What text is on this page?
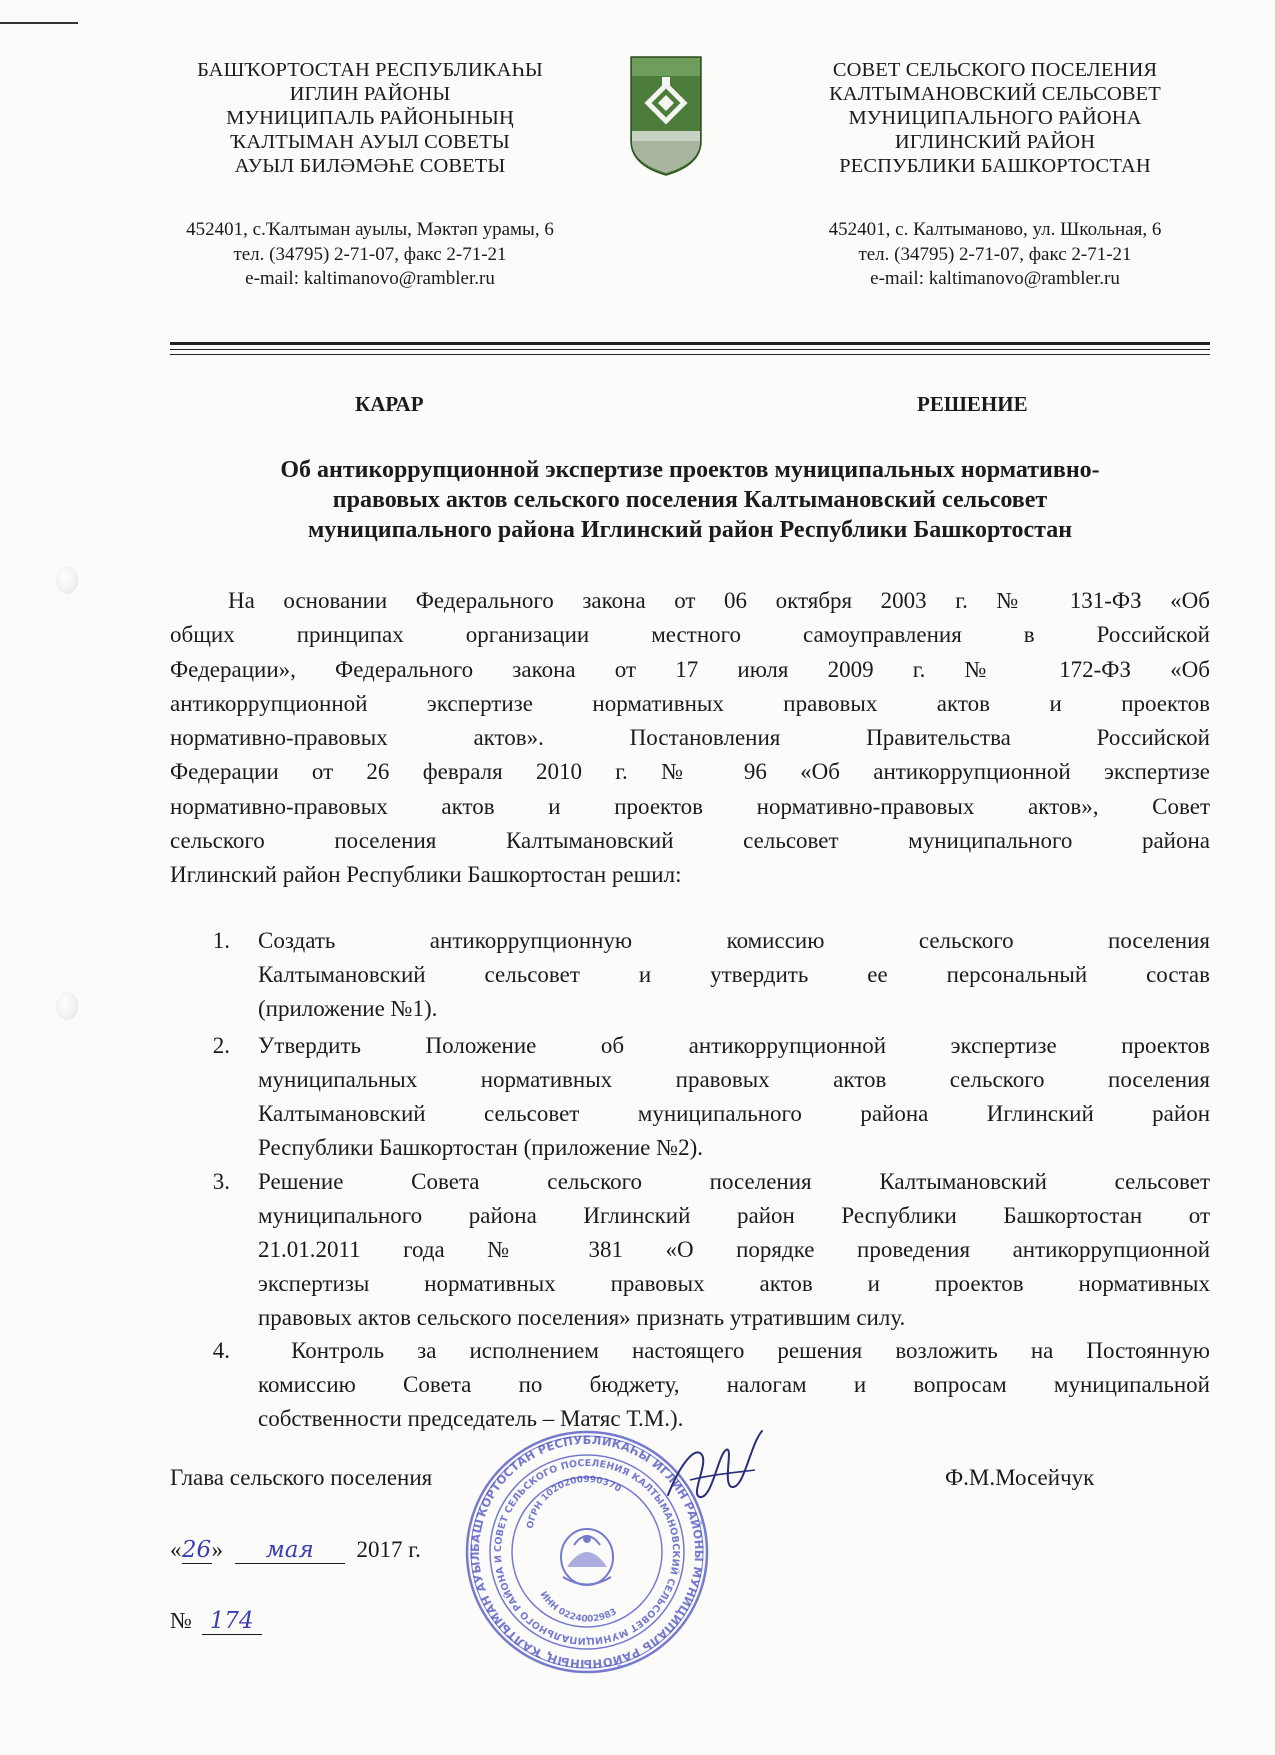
БАШҠОРТОСТАН РЕСПУБЛИКАҺЫ
ИГЛИН РАЙОНЫ
МУНИЦИПАЛЬ РАЙОНЫНЫҢ
ҠАЛТЫМАН АУЫЛ СОВЕТЫ
АУЫЛ БИЛӘМӘҺЕ СОВЕТЫ
452401, с.Ҡалтыман ауылы, Мәктәп урамы, 6
тел. (34795) 2-71-07, факс 2-71-21
e-mail: kaltimanovo@rambler.ru
СОВЕТ СЕЛЬСКОГО ПОСЕЛЕНИЯ
КАЛТЫМАНОВСКИЙ СЕЛЬСОВЕТ
МУНИЦИПАЛЬНОГО РАЙОНА
ИГЛИНСКИЙ РАЙОН
РЕСПУБЛИКИ БАШКОРТОСТАН
452401, с. Калтыманово, ул. Школьная, 6
тел. (34795) 2-71-07, факс 2-71-21
e-mail: kaltimanovo@rambler.ru
КАРАР	РЕШЕНИЕ
Об антикоррупционной экспертизе проектов муниципальных нормативно-
правовых актов сельского поселения Калтымановский сельсовет
муниципального района Иглинский район Республики Башкортостан
На основании Федерального закона от 06 октября 2003 г. № 131-ФЗ «Об
общих принципах организации местного самоуправления в Российской
Федерации», Федерального закона от 17 июля 2009 г. № 172-ФЗ «Об
антикоррупционной экспертизе нормативных правовых актов и проектов
нормативно-правовых актов». Постановления Правительства Российской
Федерации от 26 февраля 2010 г. № 96 «Об антикоррупционной экспертизе
нормативно-правовых актов и проектов нормативно-правовых актов», Совет
сельского поселения Калтымановский сельсовет муниципального района
Иглинский район Республики Башкортостан решил:
1. Создать антикоррупционную комиссию сельского поселения
Калтымановский сельсовет и утвердить ее персональный состав
(приложение №1).
2. Утвердить Положение об антикоррупционной экспертизе проектов
муниципальных нормативных правовых актов сельского поселения
Калтымановский сельсовет муниципального района Иглинский район
Республики Башкортостан (приложение №2).
3. Решение Совета сельского поселения Калтымановский сельсовет
муниципального района Иглинский район Республики Башкортостан от
21.01.2011 года № 381 «О порядке проведения антикоррупционной
экспертизы нормативных правовых актов и проектов нормативных
правовых актов сельского поселения» признать утратившим силу.
4. Контроль за исполнением настоящего решения возложить на Постоянную
комиссию Совета по бюджету, налогам и вопросам муниципальной
собственности председатель – Матяс Т.М.).
БАШҠОРТОСТАН РЕСПУБЛИКАҺЫ ИГЛИН РАЙОНЫ МУНИЦИПАЛЬ РАЙОНЫНЫҢ ҠАЛТЫМАН АУЫЛ
СОВЕТ СЕЛЬСКОГО ПОСЕЛЕНИЯ КАЛТЫМАНОВСКИЙ СЕЛЬСОВЕТ МУНИЦИПАЛЬНОГО РАЙОНА И
ОГРН 1020200990370
ИНН 0224002983
Глава сельского поселения	Ф.М.Мосейчук
«26» мая 2017 г.
№ 174
